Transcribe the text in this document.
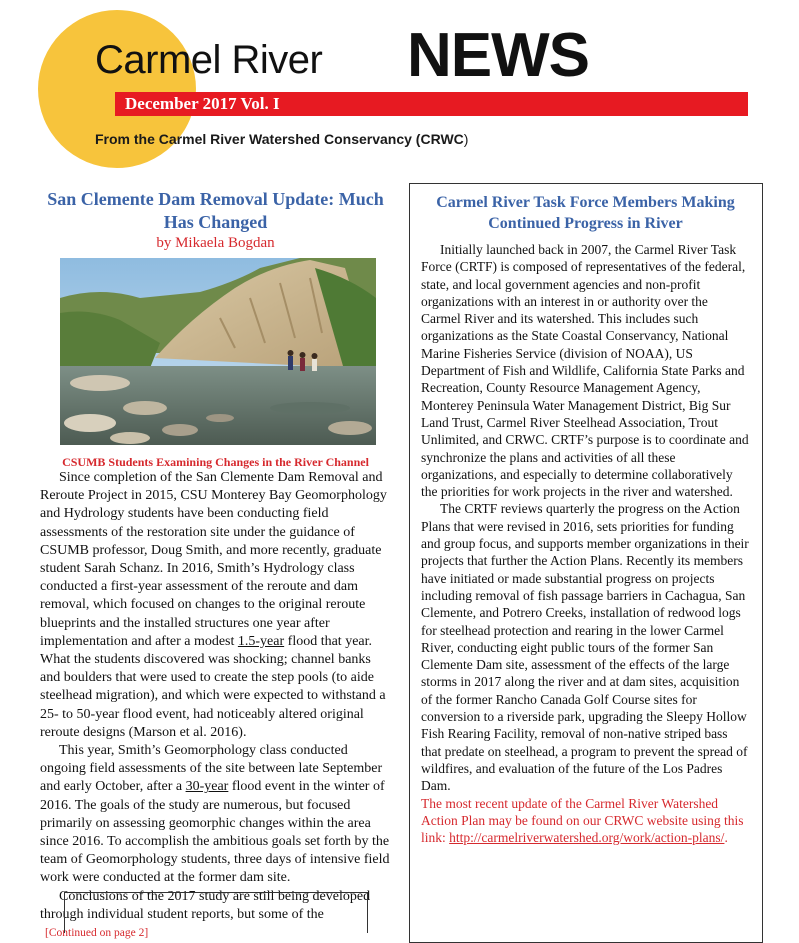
Carmel River NEWS
December 2017 Vol. I
From the Carmel River Watershed Conservancy (CRWC)
San Clemente Dam Removal Update: Much Has Changed
by Mikaela Bogdan
CSUMB Students Examining Changes in the River Channel

Since completion of the San Clemente Dam Removal and Reroute Project in 2015, CSU Monterey Bay Geomorphology and Hydrology students have been conducting field assessments of the restoration site under the guidance of CSUMB professor, Doug Smith, and more recently, graduate student Sarah Schanz. In 2016, Smith’s Hydrology class conducted a first-year assessment of the reroute and dam removal, which focused on changes to the original reroute blueprints and the installed structures one year after implementation and after a modest 1.5-year flood that year. What the students discovered was shocking; channel banks and boulders that were used to create the step pools (to aide steelhead migration), and which were expected to withstand a 25- to 50-year flood event, had noticeably altered original reroute designs (Marson et al. 2016).

This year, Smith’s Geomorphology class conducted ongoing field assessments of the site between late September and early October, after a 30-year flood event in the winter of 2016. The goals of the study are numerous, but focused primarily on assessing geomorphic changes within the area since 2016. To accomplish the ambitious goals set forth by the team of Geomorphology students, three days of intensive field work were conducted at the former dam site.

Conclusions of the 2017 study are still being developed through individual student reports, but some of the

[Continued on page 2]
Carmel River Task Force Members Making Continued Progress in River

Initially launched back in 2007, the Carmel River Task Force (CRTF) is composed of representatives of the federal, state, and local government agencies and non-profit organizations with an interest in or authority over the Carmel River and its watershed. This includes such organizations as the State Coastal Conservancy, National Marine Fisheries Service (division of NOAA), US Department of Fish and Wildlife, California State Parks and Recreation, County Resource Management Agency, Monterey Peninsula Water Management District, Big Sur Land Trust, Carmel River Steelhead Association, Trout Unlimited, and CRWC. CRTF’s purpose is to coordinate and synchronize the plans and activities of all these organizations, and especially to determine collaboratively the priorities for work projects in the river and watershed.

The CRTF reviews quarterly the progress on the Action Plans that were revised in 2016, sets priorities for funding and group focus, and supports member organizations in their projects that further the Action Plans. Recently its members have initiated or made substantial progress on projects including removal of fish passage barriers in Cachagua, San Clemente, and Potrero Creeks, installation of redwood logs for steelhead protection and rearing in the lower Carmel River, conducting eight public tours of the former San Clemente Dam site, assessment of the effects of the large storms in 2017 along the river and at dam sites, acquisition of the former Rancho Canada Golf Course sites for conversion to a riverside park, upgrading the Sleepy Hollow Fish Rearing Facility, removal of non-native striped bass that predate on steelhead, a program to prevent the spread of wildfires, and evaluation of the future of the Los Padres Dam.

The most recent update of the Carmel River Watershed Action Plan may be found on our CRWC website using this link: http://carmelriverwatershed.org/work/action-plans/.
